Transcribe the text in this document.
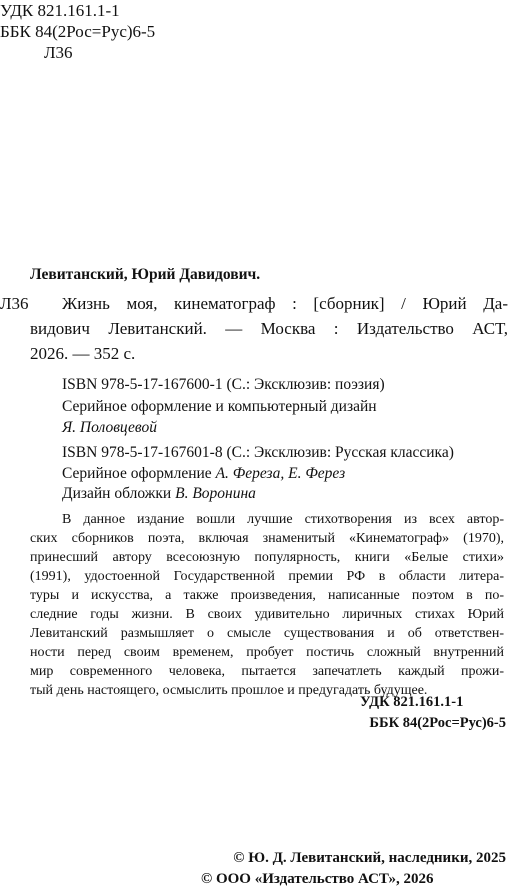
УДК 821.161.1-1
ББК 84(2Рос=Рус)6-5
Л36
Левитанский, Юрий Давидович.
Л36 Жизнь моя, кинематограф : [сборник] / Юрий Да-
видович Левитанский. — Москва : Издательство АСТ,
2026. — 352 с.
ISBN 978-5-17-167600-1 (С.: Эксклюзив: поэзия)
Серийное оформление и компьютерный дизайн
Я. Половцевой
ISBN 978-5-17-167601-8 (С.: Эксклюзив: Русская классика)
Серийное оформление А. Фереза, Е. Ферез
Дизайн обложки В. Воронина
В данное издание вошли лучшие стихотворения из всех автор-
ских сборников поэта, включая знаменитый «Кинематограф» (1970),
принесший автору всесоюзную популярность, книги «Белые стихи»
(1991), удостоенной Государственной премии РФ в области литера-
туры и искусства, а также произведения, написанные поэтом в по-
следние годы жизни. В своих удивительно лиричных стихах Юрий
Левитанский размышляет о смысле существования и об ответствен-
ности перед своим временем, пробует постичь сложный внутренний
мир современного человека, пытается запечатлеть каждый прожи-
тый день настоящего, осмыслить прошлое и предугадать будущее.
УДК 821.161.1-1
ББК 84(2Рос=Рус)6-5
© Ю. Д. Левитанский, наследники, 2025
© ООО «Издательство АСТ», 2026
